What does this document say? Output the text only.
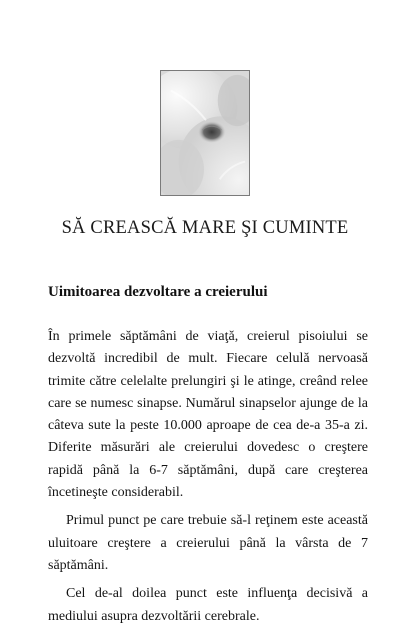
SĂ CREASCĂ MARE ŞI CUMINTE
Uimitoarea dezvoltare a creierului

În primele săptămâni de viaţă, creierul pisoiului se dezvoltă incredibil de mult. Fiecare celulă nervoasă trimite către celelalte prelungiri şi le atinge, creând relee care se numesc sinapse. Numărul sinapselor ajunge de la câteva sute la peste 10.000 aproape de cea de-a 35-a zi. Diferite măsurări ale creierului dovedesc o creştere rapidă până la 6-7 săptămâni, după care creşterea încetineşte considerabil.

Primul punct pe care trebuie să-l reţinem este această uluitoare creştere a creierului până la vârsta de 7 săptămâni.

Cel de-al doilea punct este influenţa decisivă a mediului asupra dezvoltării cerebrale.
